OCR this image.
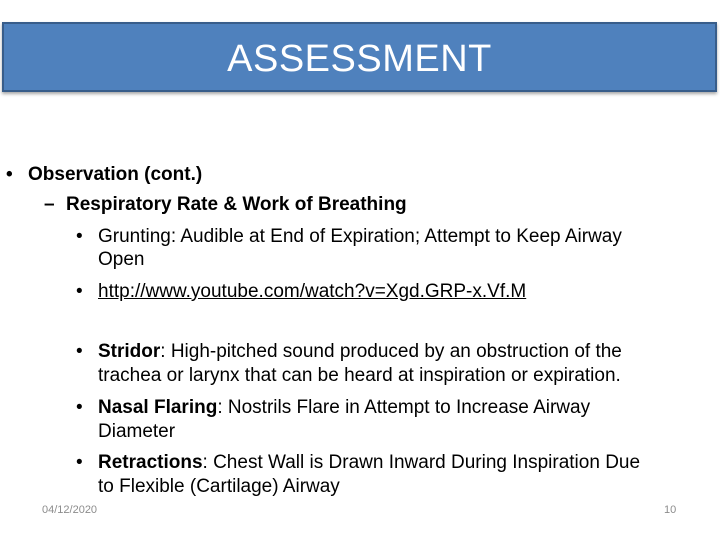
ASSESSMENT
• Observation (cont.)
– Respiratory Rate & Work of Breathing
• Grunting: Audible at End of Expiration; Attempt to Keep Airway
Open
• http://www.youtube.com/watch?v=Xgd.GRP-x.Vf.M
• Stridor: High-pitched sound produced by an obstruction of the
trachea or larynx that can be heard at inspiration or expiration.
• Nasal Flaring: Nostrils Flare in Attempt to Increase Airway
Diameter
• Retractions: Chest Wall is Drawn Inward During Inspiration Due
to Flexible (Cartilage) Airway
04/12/2020	10
